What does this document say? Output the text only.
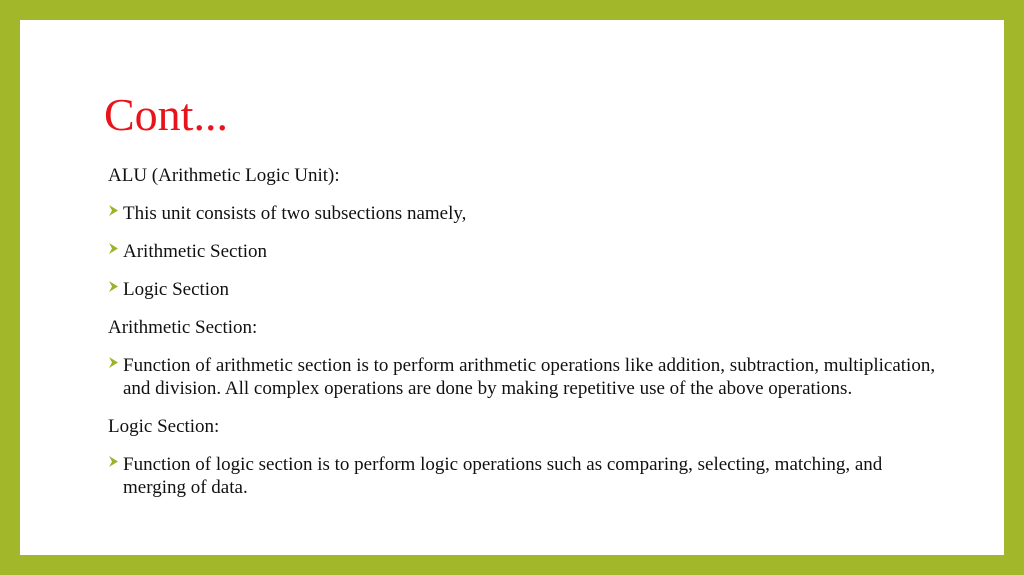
Cont...

ALU (Arithmetic Logic Unit):

This unit consists of two subsections namely,
Arithmetic Section
Logic Section

Arithmetic Section:

Function of arithmetic section is to perform arithmetic operations like addition, subtraction, multiplication, and division. All complex operations are done by making repetitive use of the above operations.

Logic Section:

Function of logic section is to perform logic operations such as comparing, selecting, matching, and merging of data.
